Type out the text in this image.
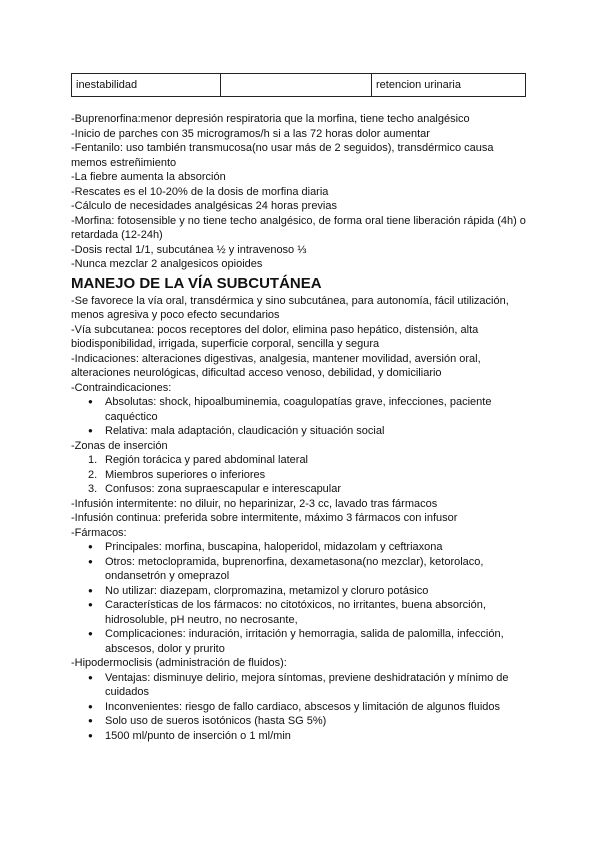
inestabilidad		retencion urinaria
-Buprenorfina:menor depresión respiratoria que la morfina, tiene techo analgésico
-Inicio de parches con 35 microgramos/h si a las 72 horas dolor aumentar
-Fentanilo: uso también transmucosa(no usar más de 2 seguidos), transdérmico causa memos estreñimiento
-La fiebre aumenta la absorción
-Rescates es el 10-20% de la dosis de morfina diaria
-Cálculo de necesidades analgésicas 24 horas previas
-Morfina: fotosensible y no tiene techo analgésico, de forma oral tiene liberación rápida (4h) o retardada (12-24h)
-Dosis rectal 1/1, subcutánea ½ y intravenoso ⅓
-Nunca mezclar 2 analgesicos opioides
MANEJO DE LA VÍA SUBCUTÁNEA
-Se favorece la vía oral, transdérmica y sino subcutánea, para autonomía, fácil utilización, menos agresiva y poco efecto secundarios
-Vía subcutanea: pocos receptores del dolor, elimina paso hepático, distensión, alta biodisponibilidad, irrigada, superficie corporal, sencilla y segura
-Indicaciones: alteraciones digestivas, analgesia, mantener movilidad, aversión oral, alteraciones neurológicas, dificultad acceso venoso, debilidad, y domiciliario
-Contraindicaciones:
● Absolutas: shock, hipoalbuminemia, coagulopatías grave, infecciones, paciente caquéctico
● Relativa: mala adaptación, claudicación y situación social
-Zonas de inserción
1. Región torácica y pared abdominal lateral
2. Miembros superiores o inferiores
3. Confusos: zona supraescapular e interescapular
-Infusión intermitente: no diluir, no heparinizar, 2-3 cc, lavado tras fármacos
-Infusión continua: preferida sobre intermitente, máximo 3 fármacos con infusor
-Fármacos:
● Principales: morfina, buscapina, haloperidol, midazolam y ceftriaxona
● Otros: metoclopramida, buprenorfina, dexametasona(no mezclar), ketorolaco, ondansetrón y omeprazol
● No utilizar: diazepam, clorpromazina, metamizol y cloruro potásico
● Características de los fármacos: no citotóxicos, no irritantes, buena absorción, hidrosoluble, pH neutro, no necrosante,
● Complicaciones: induración, irritación y hemorragia, salida de palomilla, infección, abscesos, dolor y prurito
-Hipodermoclisis (administración de fluidos):
● Ventajas: disminuye delirio, mejora síntomas, previene deshidratación y mínimo de cuidados
● Inconvenientes: riesgo de fallo cardiaco, abscesos y limitación de algunos fluidos
● Solo uso de sueros isotónicos (hasta SG 5%)
● 1500 ml/punto de inserción o 1 ml/min
